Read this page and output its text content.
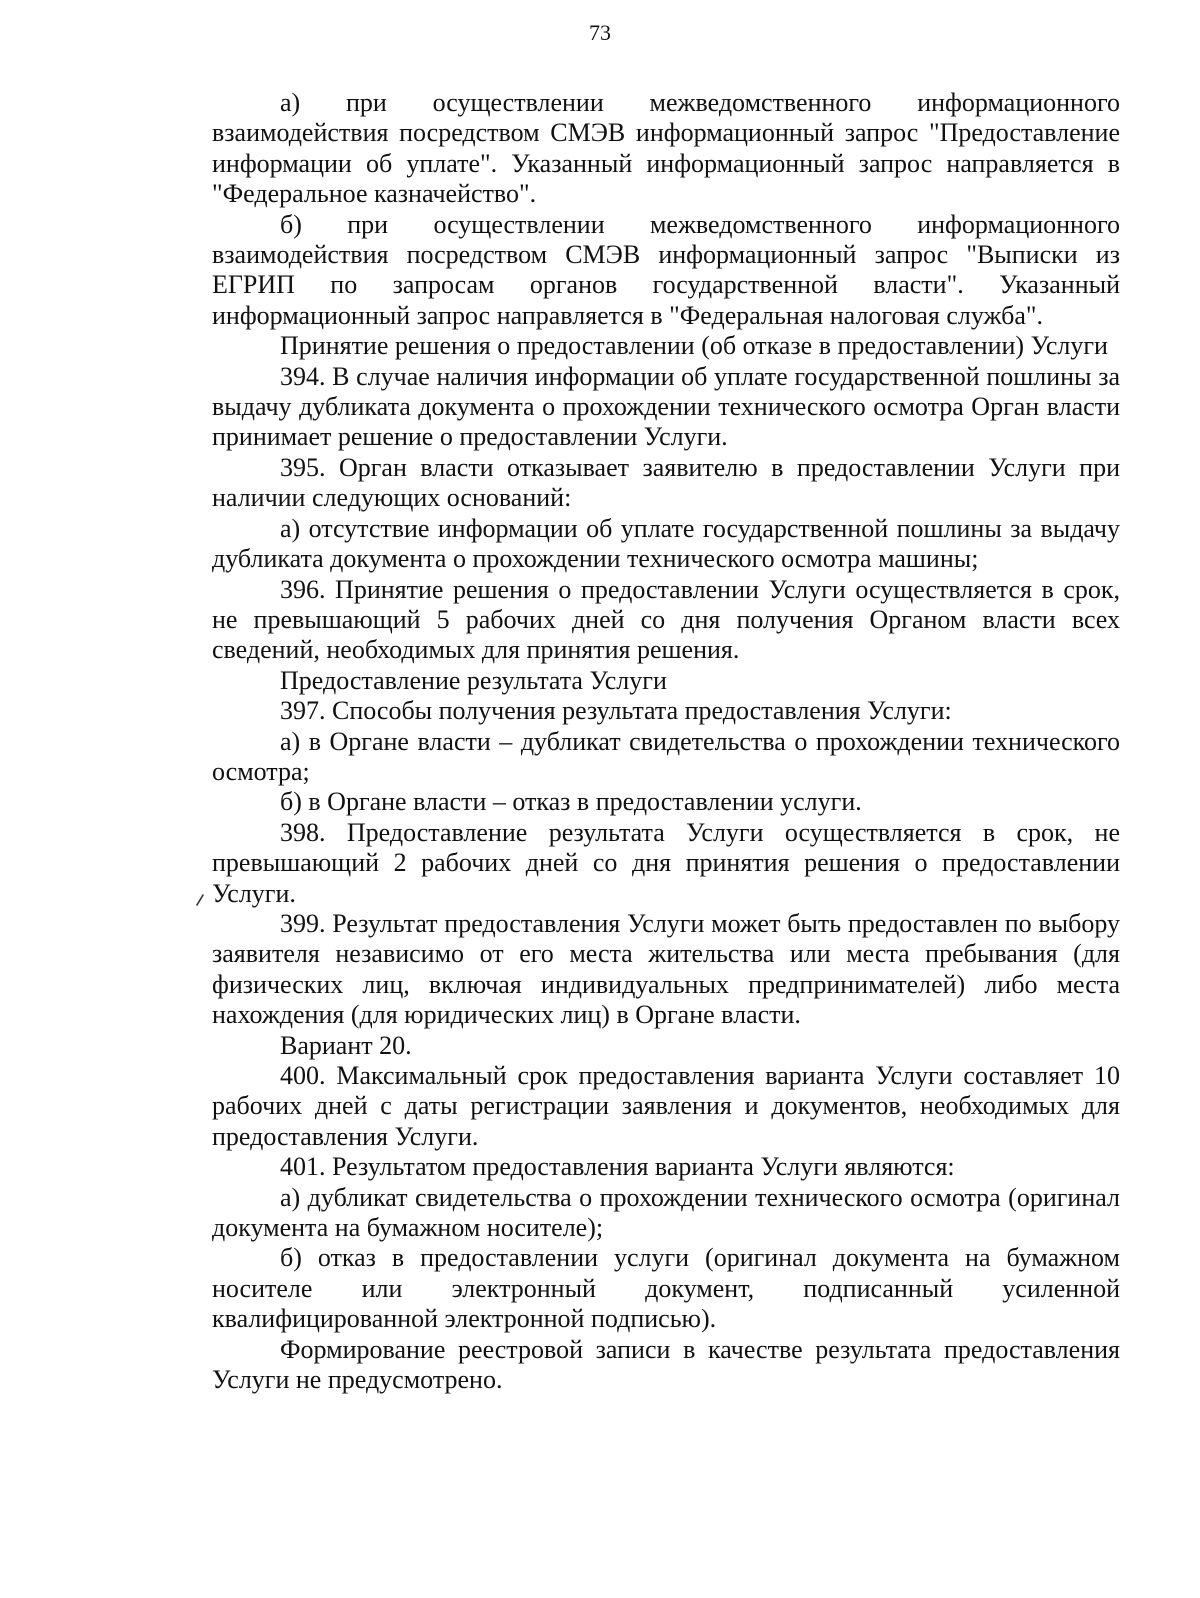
73

а) при осуществлении межведомственного информационного взаимодействия посредством СМЭВ информационный запрос "Предоставление информации об уплате". Указанный информационный запрос направляется в "Федеральное казначейство".

б) при осуществлении межведомственного информационного взаимодействия посредством СМЭВ информационный запрос "Выписки из ЕГРИП по запросам органов государственной власти". Указанный информационный запрос направляется в "Федеральная налоговая служба".

Принятие решения о предоставлении (об отказе в предоставлении) Услуги

394. В случае наличия информации об уплате государственной пошлины за выдачу дубликата документа о прохождении технического осмотра Орган власти принимает решение о предоставлении Услуги.

395. Орган власти отказывает заявителю в предоставлении Услуги при наличии следующих оснований:

а) отсутствие информации об уплате государственной пошлины за выдачу дубликата документа о прохождении технического осмотра машины;

396. Принятие решения о предоставлении Услуги осуществляется в срок, не превышающий 5 рабочих дней со дня получения Органом власти всех сведений, необходимых для принятия решения.

Предоставление результата Услуги

397. Способы получения результата предоставления Услуги:

а) в Органе власти – дубликат свидетельства о прохождении технического осмотра;

б) в Органе власти – отказ в предоставлении услуги.

398. Предоставление результата Услуги осуществляется в срок, не превышающий 2 рабочих дней со дня принятия решения о предоставлении Услуги.

399. Результат предоставления Услуги может быть предоставлен по выбору заявителя независимо от его места жительства или места пребывания (для физических лиц, включая индивидуальных предпринимателей) либо места нахождения (для юридических лиц) в Органе власти.

Вариант 20.

400. Максимальный срок предоставления варианта Услуги составляет 10 рабочих дней с даты регистрации заявления и документов, необходимых для предоставления Услуги.

401. Результатом предоставления варианта Услуги являются:

а) дубликат свидетельства о прохождении технического осмотра (оригинал документа на бумажном носителе);

б) отказ в предоставлении услуги (оригинал документа на бумажном носителе или электронный документ, подписанный усиленной квалифицированной электронной подписью).

Формирование реестровой записи в качестве результата предоставления Услуги не предусмотрено.
